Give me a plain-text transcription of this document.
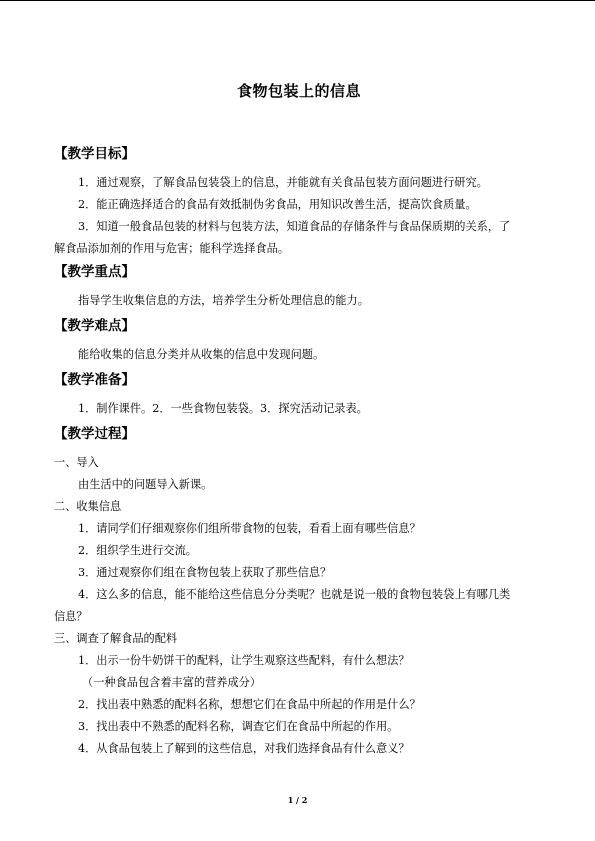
食物包装上的信息
【教学目标】
1．通过观察，了解食品包装袋上的信息，并能就有关食品包装方面问题进行研究。
2．能正确选择适合的食品有效抵制伪劣食品，用知识改善生活，提高饮食质量。
3．知道一般食品包装的材料与包装方法，知道食品的存储条件与食品保质期的关系，了
解食品添加剂的作用与危害；能科学选择食品。
【教学重点】
指导学生收集信息的方法，培养学生分析处理信息的能力。
【教学难点】
能给收集的信息分类并从收集的信息中发现问题。
【教学准备】
1．制作课件。2．一些食物包装袋。3．探究活动记录表。
【教学过程】
一、导入
由生活中的问题导入新课。
二、收集信息
1．请同学们仔细观察你们组所带食物的包装，看看上面有哪些信息？
2．组织学生进行交流。
3．通过观察你们组在食物包装上获取了那些信息？
4．这么多的信息，能不能给这些信息分分类呢？也就是说一般的食物包装袋上有哪几类
信息？
三、调查了解食品的配料
1．出示一份牛奶饼干的配料，让学生观察这些配料，有什么想法？
（一种食品包含着丰富的营养成分）
2．找出表中熟悉的配料名称，想想它们在食品中所起的作用是什么？
3．找出表中不熟悉的配料名称，调查它们在食品中所起的作用。
4．从食品包装上了解到的这些信息，对我们选择食品有什么意义？
1 / 2
